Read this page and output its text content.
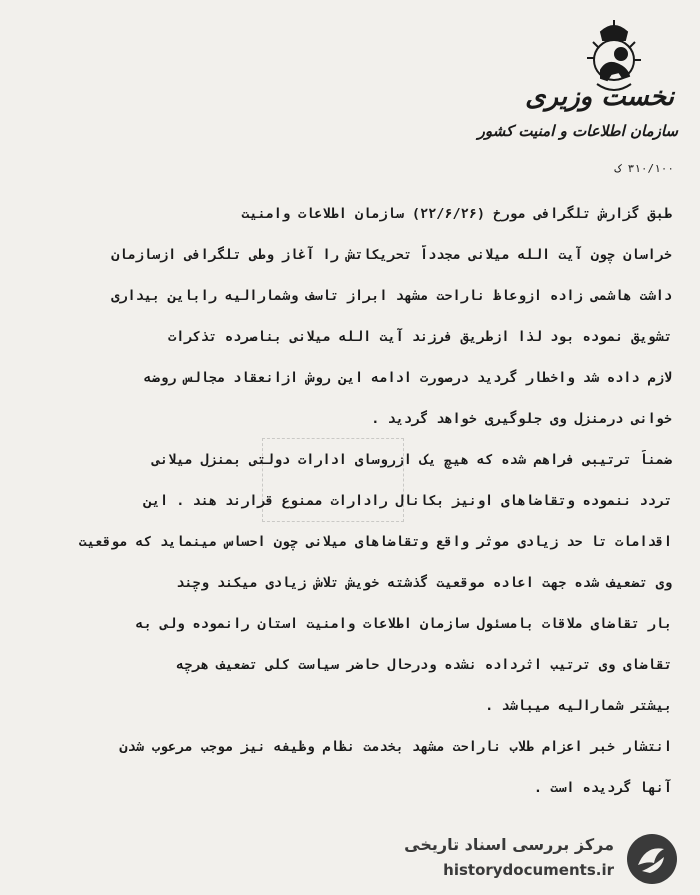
نخست وزیری
سازمان اطلاعات و امنیت کشور
۳۱۰/۱۰۰ ک
طبق گزارش تلگرافی مورخ (۲۲/۶/۲۶) سازمان اطلاعات وامنیت
خراسان چون آیت الله میلانی مجدداً تحریکاتش را آغاز وطی تلگرافی ازسازمان
داشت هاشمی زاده ازوعاظ ناراحت مشهد ابراز تاسف وشمارالیه راباین بیداری
تشویق نموده بود لذا ازطریق فرزند آیت الله میلانی بناصرده تذکرات
لازم داده شد واخطار گردید درصورت ادامه این روش ازانعقاد مجالس روضه
خوانی درمنزل وی جلوگیری خواهد گردید .
ضمناً ترتیبی فراهم شده که هیچ یک ازروسای ادارات دولتی بمنزل میلانی
تردد ننموده وتقاضاهای اونیز بکانال رادارات ممنوع قرارند هند . این
اقدامات تا حد زیادی موثر واقع وتقاضاهای میلانی چون احساس مینماید که موقعیت
وی تضعیف شده جهت اعاده موقعیت گذشته خویش تلاش زیادی میکند وچند
بار تقاضای ملاقات بامسئول سازمان اطلاعات وامنیت استان رانموده ولی به
تقاضای وی ترتیب اثرداده نشده ودرحال حاضر سیاست کلی تضعیف هرچه
بیشتر شمارالیه میباشد .
انتشار خبر اعزام طلاب ناراحت مشهد بخدمت نظام وظیفه نیز موجب مرعوب شدن
آنها گردیده است .
مرکز بررسی اسناد تاریخی
historydocuments.ir
